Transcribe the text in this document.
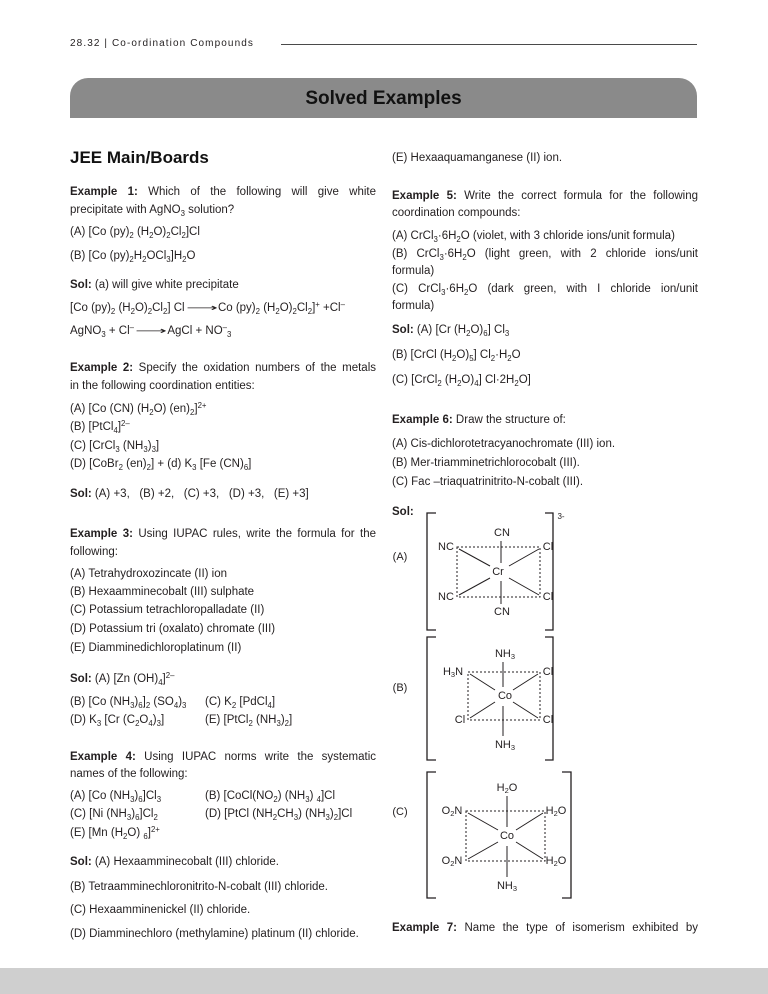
28.32 | Co-ordination Compounds
Solved Examples
JEE Main/Boards
Example 1: Which of the following will give white
precipitate with AgNO$_3$ solution?
(A) [Co $(py)_2$ $(H_2O)_2Cl_2]Cl$
(B) [Co $(py)_2H_2OCl_3]H_2O$
Sol: (a) will give white precipitate
[Co $(py)_2$ $(H_2O)_2Cl_2$] Cl⟶Co $(py)_2$ $(H_2O)_2Cl_2]^+ +Cl^-$
AgNO$_3$ + Cl–⟶AgCl + $NO^-_3$
Example 2: Specify the oxidation numbers of the metals
in the following coordination entities:
(A) [Co (CN) $(H_2O)$ $(en)_2]^{2+}$
(B) [PtCl$_4$]$^{2-}$
(C) [CrCl$_3$ $(NH_3)_3$]
(D) [CoBr$_2$ $(en)_2] + (d)$ $K_3$ [Fe $(CN)_6$]
Sol: (A) +3,   (B) +2,   (C) +3,   (D) +3,   (E) +3]
Example 3: Using IUPAC rules, write the formula for the
following:
(A) Tetrahydroxozincate (II) ion
(B) Hexaamminecobalt (III) sulphate
(C) Potassium tetrachloropalladate (II)
(D) Potassium tri (oxalato) chromate (III)
(E) Diamminedichloroplatinum (II)
Sol: (A) [Zn $(OH)_4]^{2-}$
(B) [Co $(NH_3)_6]_2$ $(SO_4)_3$	(C) $K_2$ [PdCl$_4$]
(D) $K_3$ [Cr $(C_2O_4)_3$]	(E) [PtCl$_2$ $(NH_3)_2$]
Example 4: Using IUPAC norms write the systematic
names of the following:
(A) [Co $(NH_3)_6]Cl_3$	(B) [$CoCl(NO_2)$ $(NH_3)$ $_4$]Cl
(C) [Ni $(NH_3)_6]Cl_2$	(D) [PtCl $(NH_2CH_3)$ $(NH_3)_2]Cl$
(E) [Mn $(H_2O)$ $_6$]$^{2+}$
Sol: (A) Hexaamminecobalt (III) chloride.
(B) Tetraamminechloronitrito-N-cobalt (III) chloride.
(C) Hexaamminenickel (II) chloride.
(D) Diamminechloro (methylamine) platinum (II) chloride.
(E) Hexaaquamanganese (II) ion.
Example 5: Write the correct formula for the following
coordination compounds:
(A) $CrCl_3\cdot 6H_2O$ (violet, with 3 chloride ions/unit formula)
(B) $CrCl_3\cdot 6H_2O$ (light green, with 2 chloride ions/unit
formula)
(C) $CrCl_3\cdot 6H_2O$ (dark green, with I chloride ion/unit
formula)
Sol: (A) [Cr $(H_2O)_6$] $Cl_3$
(B) [CrCl $(H_2O)_5$] $Cl_2\cdot H_2O$
(C) [CrCl$_2$ $(H_2O)_4$] $Cl\cdot 2H_2O$]
Example 6: Draw the structure of:
(A) Cis-dichlorotetracyanochromate (III) ion.
(B) Mer-triamminetrichlorocobalt (III).
(C) Fac –triaquatrinitrito-N-cobalt (III).
Sol:
(A)
3-
CN
NC	Cl
Cr
NC	Cl
CN
(B)
$NH_3$
$H_3N$	Cl
Co
Cl	Cl
$NH_3$
(C)
$H_2O$
$O_2N$	$H_2O$
Co
$O_2N$	$H_2O$
$NH_3$
Example 7: Name the type of isomerism exhibited by
